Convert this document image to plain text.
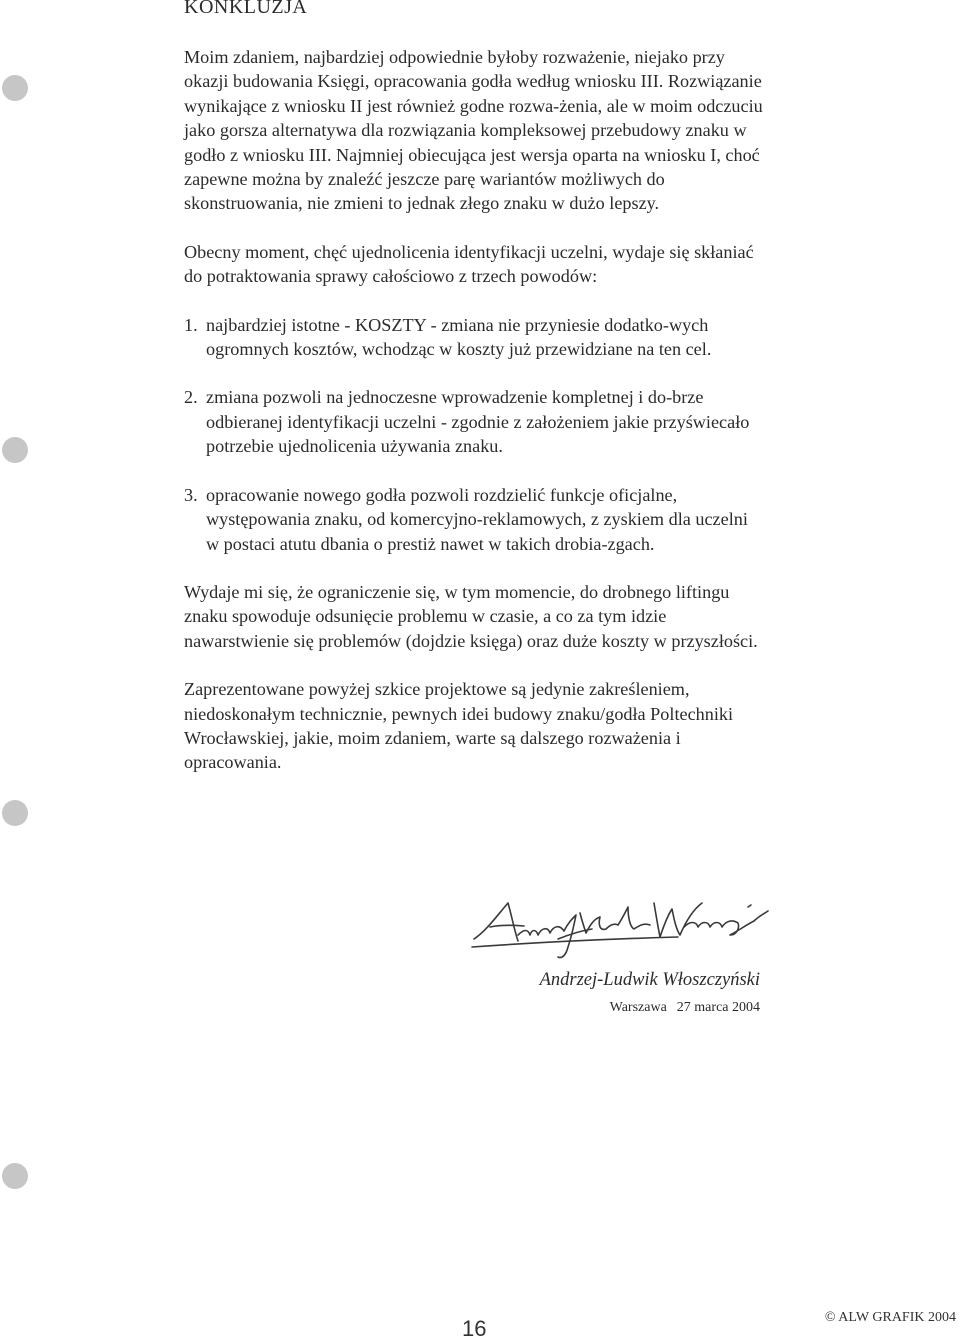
KONKLUZJA

Moim zdaniem, najbardziej odpowiednie byłoby rozważenie, niejako przy okazji budowania Księgi, opracowania godła według wniosku III. Rozwiązanie wynikające z wniosku II jest również godne rozwa-żenia, ale w moim odczuciu jako gorsza alternatywa dla rozwiązania kompleksowej przebudowy znaku w godło z wniosku III. Najmniej obiecująca jest wersja oparta na wniosku I, choć zapewne można by znaleźć jeszcze parę wariantów możliwych do skonstruowania, nie zmieni to jednak złego znaku w dużo lepszy.

Obecny moment, chęć ujednolicenia identyfikacji uczelni, wydaje się skłaniać do potraktowania sprawy całościowo z trzech powodów:

1. najbardziej istotne - KOSZTY - zmiana nie przyniesie dodatko-wych ogromnych kosztów, wchodząc w koszty już przewidziane na ten cel.
2. zmiana pozwoli na jednoczesne wprowadzenie kompletnej i do-brze odbieranej identyfikacji uczelni - zgodnie z założeniem jakie przyświecało potrzebie ujednolicenia używania znaku.
3. opracowanie nowego godła pozwoli rozdzielić funkcje oficjalne, występowania znaku, od komercyjno-reklamowych, z zyskiem dla uczelni w postaci atutu dbania o prestiż nawet w takich drobia-zgach.

Wydaje mi się, że ograniczenie się, w tym momencie, do drobnego liftingu znaku spowoduje odsunięcie problemu w czasie, a co za tym idzie nawarstwienie się problemów (dojdzie księga) oraz duże koszty w przyszłości.

Zaprezentowane powyżej szkice projektowe są jedynie zakreśleniem, niedoskonałym technicznie, pewnych idei budowy znaku/godła Poltechniki Wrocławskiej, jakie, moim zdaniem, warte są dalszego rozważenia i opracowania.

Andrzej-Ludwik Włoszczyński
Warszawa 27 marca 2004
16	© ALW GRAFIK 2004
